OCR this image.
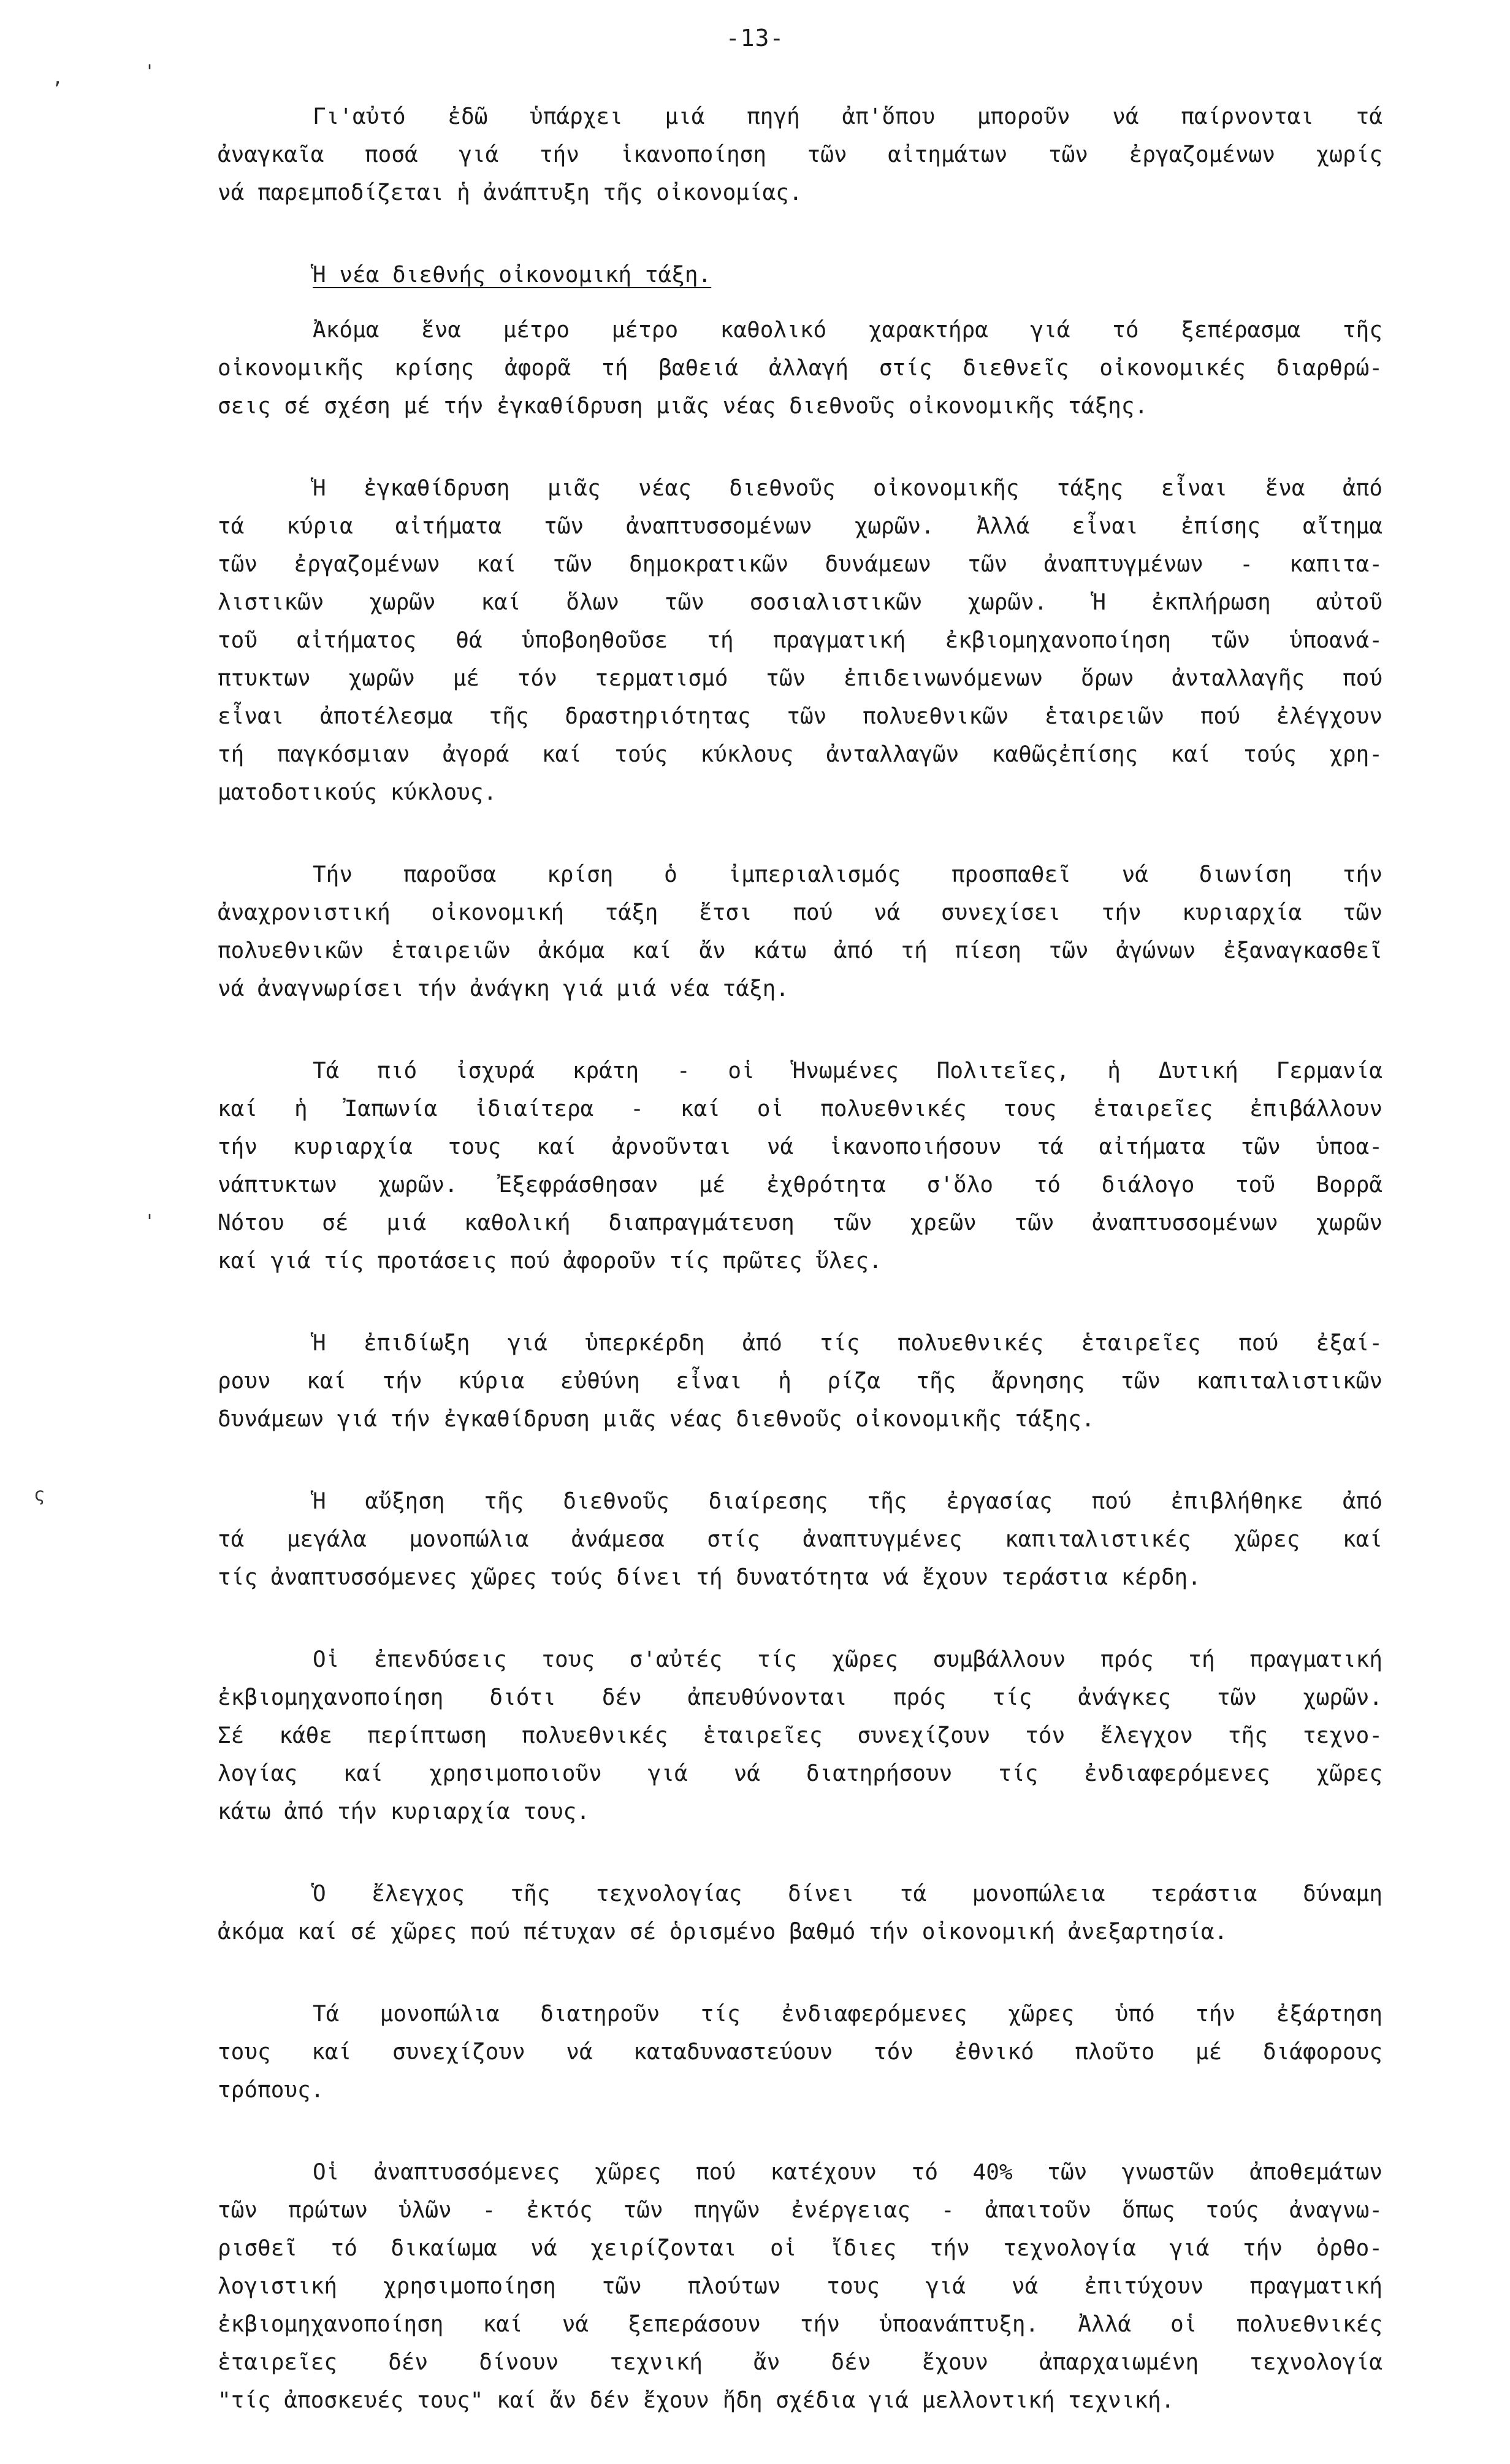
-13-
,	'
'
ς
Γι'αὐτό ἐδῶ ὑπάρχει μιά πηγή ἀπ'ὅπου μποροῦν νά παίρνονται τά
ἀναγκαῖα ποσά γιά τήν ἱκανοποίηση τῶν αἰτημάτων τῶν ἐργαζομένων χωρίς
νά παρεμποδίζεται ἡ ἀνάπτυξη τῆς οἰκονομίας.
Ἡ νέα διεθνής οἰκονομική τάξη.
Ἀκόμα ἕνα μέτρο μέτρο καθολικό χαρακτήρα γιά τό ξεπέρασμα τῆς
οἰκονομικῆς κρίσης ἀφορᾶ τή βαθειά ἀλλαγή στίς διεθνεῖς οἰκονομικές διαρθρώ-
σεις σέ σχέση μέ τήν ἐγκαθίδρυση μιᾶς νέας διεθνοῦς οἰκονομικῆς τάξης.
Ἡ ἐγκαθίδρυση μιᾶς νέας διεθνοῦς οἰκονομικῆς τάξης εἶναι ἕνα ἀπό
τά κύρια αἰτήματα τῶν ἀναπτυσσομένων χωρῶν. Ἀλλά εἶναι ἐπίσης αἴτημα
τῶν ἐργαζομένων καί τῶν δημοκρατικῶν δυνάμεων τῶν ἀναπτυγμένων - καπιτα-
λιστικῶν χωρῶν καί ὅλων τῶν σοσιαλιστικῶν χωρῶν. Ἡ ἐκπλήρωση αὐτοῦ
τοῦ αἰτήματος θά ὑποβοηθοῦσε τή πραγματική ἐκβιομηχανοποίηση τῶν ὑποανά-
πτυκτων χωρῶν μέ τόν τερματισμό τῶν ἐπιδεινωνόμενων ὅρων ἀνταλλαγῆς πού
εἶναι ἀποτέλεσμα τῆς δραστηριότητας τῶν πολυεθνικῶν ἑταιρειῶν πού ἐλέγχουν
τή παγκόσμιαν ἀγορά καί τούς κύκλους ἀνταλλαγῶν καθῶςἐπίσης καί τούς χρη-
ματοδοτικούς κύκλους.
Τήν παροῦσα κρίση ὁ ἰμπεριαλισμός προσπαθεῖ νά διωνίση τήν
ἀναχρονιστική οἰκονομική τάξη ἔτσι πού νά συνεχίσει τήν κυριαρχία τῶν
πολυεθνικῶν ἑταιρειῶν ἀκόμα καί ἄν κάτω ἀπό τή πίεση τῶν ἀγώνων ἐξαναγκασθεῖ
νά ἀναγνωρίσει τήν ἀνάγκη γιά μιά νέα τάξη.
Τά πιό ἰσχυρά κράτη - οἱ Ἡνωμένες Πολιτεῖες, ἡ Δυτική Γερμανία
καί ἡ Ἰαπωνία ἰδιαίτερα - καί οἱ πολυεθνικές τους ἑταιρεῖες ἐπιβάλλουν
τήν κυριαρχία τους καί ἀρνοῦνται νά ἱκανοποιήσουν τά αἰτήματα τῶν ὑποα-
νάπτυκτων χωρῶν. Ἐξεφράσθησαν μέ ἐχθρότητα σ'ὅλο τό διάλογο τοῦ Βορρᾶ
Νότου σέ μιά καθολική διαπραγμάτευση τῶν χρεῶν τῶν ἀναπτυσσομένων χωρῶν
καί γιά τίς προτάσεις πού ἀφοροῦν τίς πρῶτες ὕλες.
Ἡ ἐπιδίωξη γιά ὑπερκέρδη ἀπό τίς πολυεθνικές ἑταιρεῖες πού ἐξαί-
ρουν καί τήν κύρια εὐθύνη εἶναι ἡ ρίζα τῆς ἄρνησης τῶν καπιταλιστικῶν
δυνάμεων γιά τήν ἐγκαθίδρυση μιᾶς νέας διεθνοῦς οἰκονομικῆς τάξης.
Ἡ αὔξηση τῆς διεθνοῦς διαίρεσης τῆς ἐργασίας πού ἐπιβλήθηκε ἀπό
τά μεγάλα μονοπώλια ἀνάμεσα στίς ἀναπτυγμένες καπιταλιστικές χῶρες καί
τίς ἀναπτυσσόμενες χῶρες τούς δίνει τή δυνατότητα νά ἔχουν τεράστια κέρδη.
Οἱ ἐπενδύσεις τους σ'αὐτές τίς χῶρες συμβάλλουν πρός τή πραγματική
ἐκβιομηχανοποίηση διότι δέν ἀπευθύνονται πρός τίς ἀνάγκες τῶν χωρῶν.
Σέ κάθε περίπτωση πολυεθνικές ἑταιρεῖες συνεχίζουν τόν ἔλεγχον τῆς τεχνο-
λογίας καί χρησιμοποιοῦν γιά νά διατηρήσουν τίς ἐνδιαφερόμενες χῶρες
κάτω ἀπό τήν κυριαρχία τους.
Ὁ ἔλεγχος τῆς τεχνολογίας δίνει τά μονοπώλεια τεράστια δύναμη
ἀκόμα καί σέ χῶρες πού πέτυχαν σέ ὁρισμένο βαθμό τήν οἰκονομική ἀνεξαρτησία.
Τά μονοπώλια διατηροῦν τίς ἐνδιαφερόμενες χῶρες ὑπό τήν ἐξάρτηση
τους καί συνεχίζουν νά καταδυναστεύουν τόν ἐθνικό πλοῦτο μέ διάφορους
τρόπους.
Οἱ ἀναπτυσσόμενες χῶρες πού κατέχουν τό 40% τῶν γνωστῶν ἀποθεμάτων
τῶν πρώτων ὑλῶν - ἐκτός τῶν πηγῶν ἐνέργειας - ἀπαιτοῦν ὅπως τούς ἀναγνω-
ρισθεῖ τό δικαίωμα νά χειρίζονται οἱ ἴδιες τήν τεχνολογία γιά τήν ὀρθο-
λογιστική χρησιμοποίηση τῶν πλούτων τους γιά νά ἐπιτύχουν πραγματική
ἐκβιομηχανοποίηση καί νά ξεπεράσουν τήν ὑποανάπτυξη. Ἀλλά οἱ πολυεθνικές
ἑταιρεῖες δέν δίνουν τεχνική ἄν δέν ἔχουν ἀπαρχαιωμένη τεχνολογία
"τίς ἀποσκευές τους" καί ἄν δέν ἔχουν ἤδη σχέδια γιά μελλοντική τεχνική.
